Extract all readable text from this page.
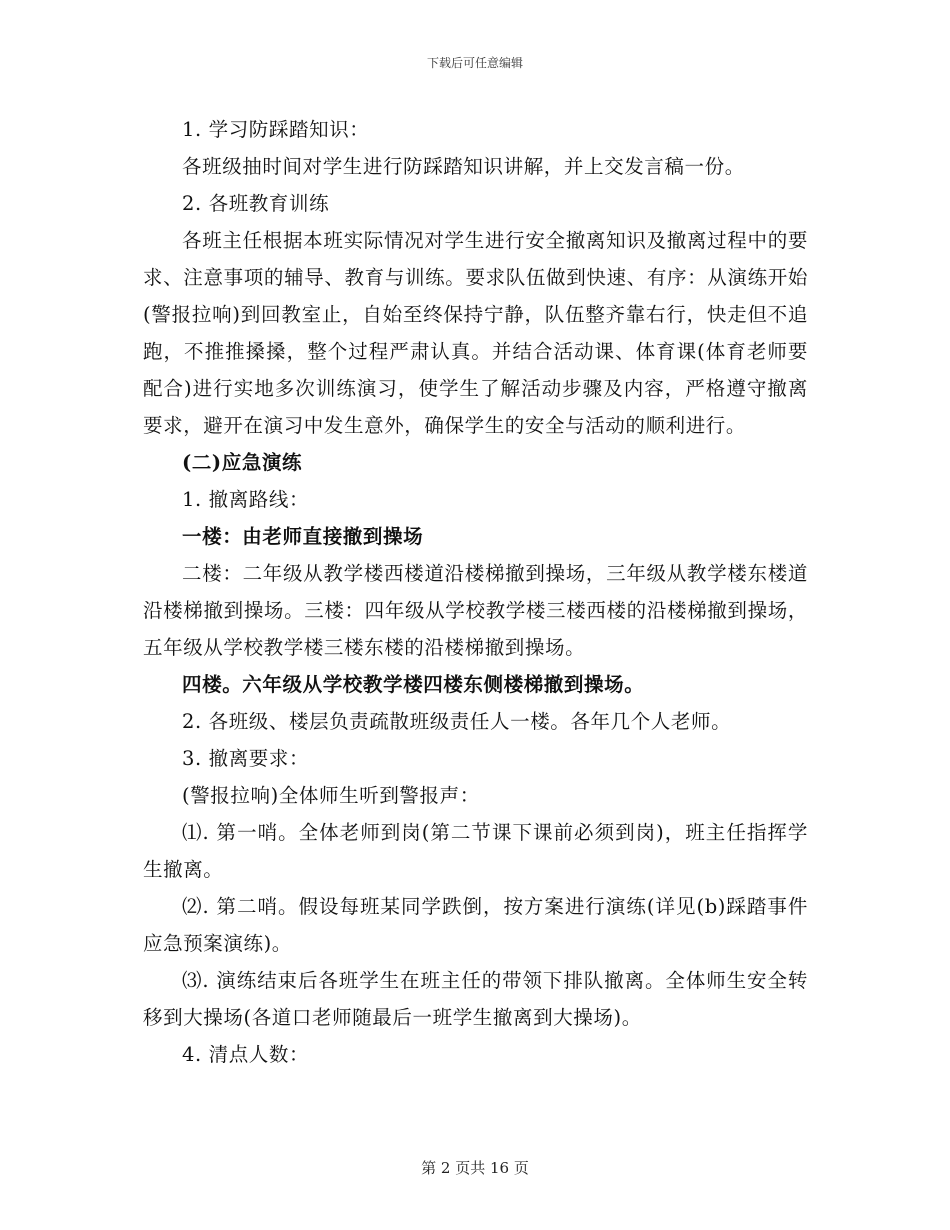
下载后可任意编辑

1. 学习防踩踏知识：

各班级抽时间对学生进行防踩踏知识讲解，并上交发言稿一份。

2. 各班教育训练

各班主任根据本班实际情况对学生进行安全撤离知识及撤离过程中的要求、注意事项的辅导、教育与训练。要求队伍做到快速、有序：从演练开始(警报拉响)到回教室止，自始至终保持宁静，队伍整齐靠右行，快走但不追跑，不推推搡搡，整个过程严肃认真。并结合活动课、体育课(体育老师要配合)进行实地多次训练演习，使学生了解活动步骤及内容，严格遵守撤离要求，避开在演习中发生意外，确保学生的安全与活动的顺利进行。

(二)应急演练

1. 撤离路线：

一楼：由老师直接撤到操场

二楼：二年级从教学楼西楼道沿楼梯撤到操场，三年级从教学楼东楼道沿楼梯撤到操场。三楼：四年级从学校教学楼三楼西楼的沿楼梯撤到操场，五年级从学校教学楼三楼东楼的沿楼梯撤到操场。

四楼。六年级从学校教学楼四楼东侧楼梯撤到操场。

2. 各班级、楼层负责疏散班级责任人一楼。各年几个人老师。

3. 撤离要求：

(警报拉响)全体师生听到警报声：

⑴. 第一哨。全体老师到岗(第二节课下课前必须到岗)，班主任指挥学生撤离。

⑵. 第二哨。假设每班某同学跌倒，按方案进行演练(详见(b)踩踏事件应急预案演练)。

⑶. 演练结束后各班学生在班主任的带领下排队撤离。全体师生安全转移到大操场(各道口老师随最后一班学生撤离到大操场)。

4. 清点人数：

第 2 页共 16 页
